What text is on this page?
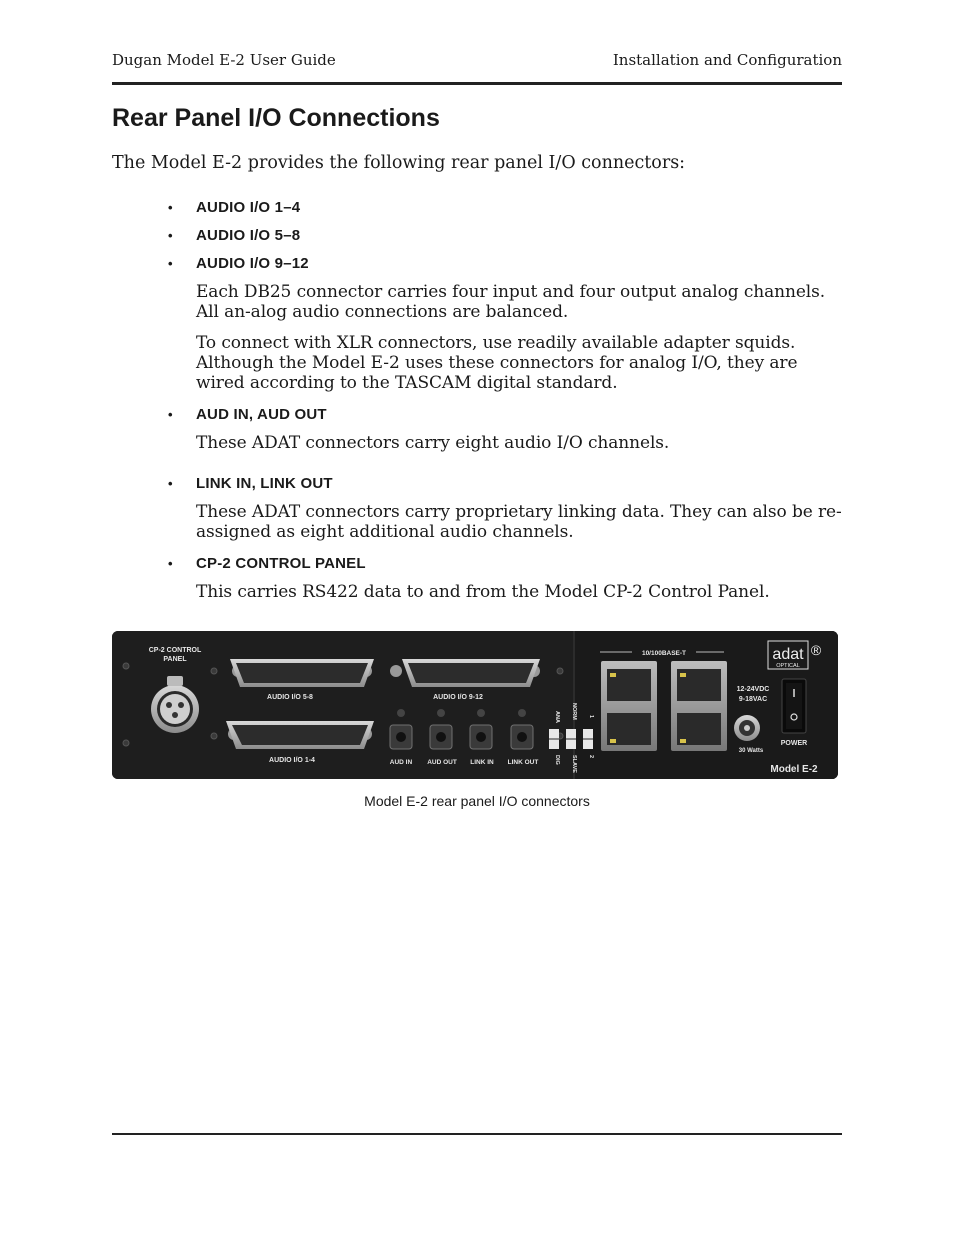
Dugan Model E-2 User Guide	Installation and Configuration
Rear Panel I/O Connections
The Model E-2 provides the following rear panel I/O connectors:
• AUDIO I/O 1–4
• AUDIO I/O 5–8
• AUDIO I/O 9–12
Each DB25 connector carries four input and four output analog channels. All an-alog audio connections are balanced.
To connect with XLR connectors, use readily available adapter squids. Although the Model E-2 uses these connectors for analog I/O, they are wired according to the TASCAM digital standard.
• AUD IN, AUD OUT
These ADAT connectors carry eight audio I/O channels.
• LINK IN, LINK OUT
These ADAT connectors carry proprietary linking data. They can also be re-assigned as eight additional audio channels.
• CP-2 CONTROL PANEL
This carries RS422 data to and from the Model CP-2 Control Panel.
CP-2 CONTROL
PANEL
AUDIO I/O 5-8	AUDIO I/O 9-12
AUDIO I/O 1-4	AUD IN AUD OUT LINK IN LINK OUT
ANA NORM 1
DIG SLAVE 2
10/100BASE-T
12-24VDC
9-18VAC
30 Watts
adat
OPTICAL
®
POWER
Model E-2
Model E-2 rear panel I/O connectors
